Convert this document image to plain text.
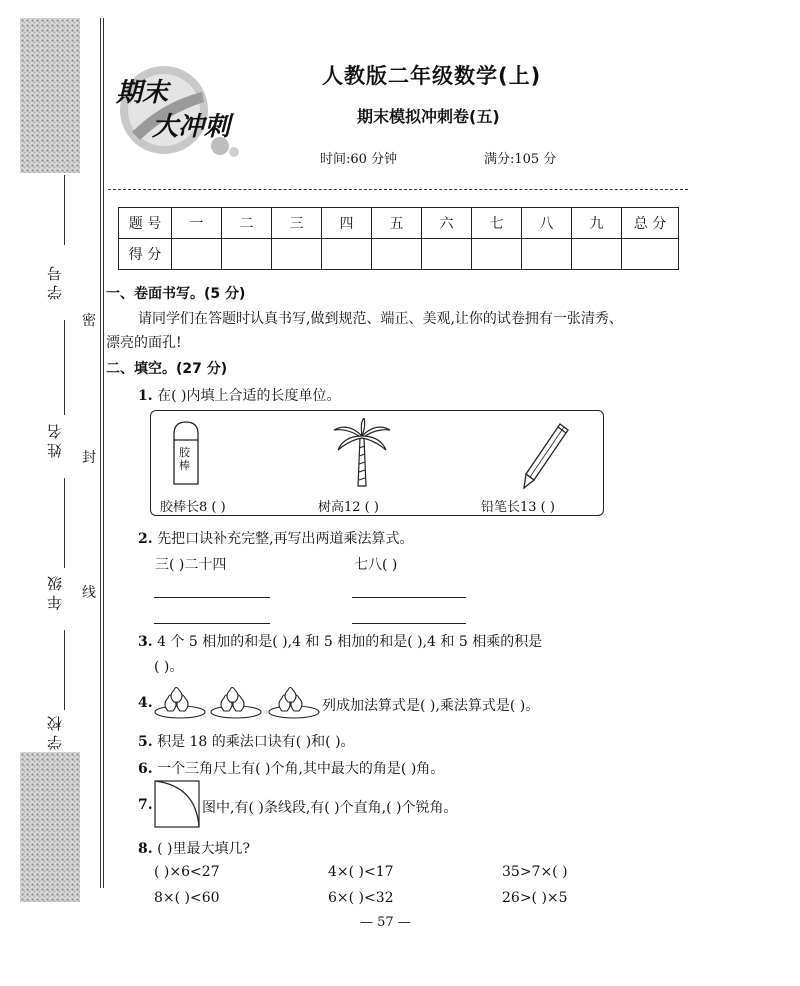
学号
姓名
年级
学校
密
封
线
期末
大冲刺
人教版二年级数学(上)
期末模拟冲刺卷(五)
时间:60 分钟	满分:105 分
题 号	一	二	三	四	五	六	七	八	九	总 分
得 分										
一、卷面书写。(5 分)
请同学们在答题时认真书写,做到规范、端正、美观,让你的试卷拥有一张清秀、
漂亮的面孔!
二、填空。(27 分)
1. 在( )内填上合适的长度单位。
胶棒
胶棒长8 ( )	树高12 ( )	铅笔长13 ( )
2. 先把口诀补充完整,再写出两道乘法算式。
三( )二十四	七八( )
3. 4 个 5 相加的和是( ),4 和 5 相加的和是( ),4 和 5 相乘的积是
( )。
4.	列成加法算式是( ),乘法算式是( )。
5. 积是 18 的乘法口诀有( )和( )。
6. 一个三角尺上有( )个角,其中最大的角是( )角。
7.	图中,有( )条线段,有( )个直角,( )个锐角。
8. ( )里最大填几?
( )×6<27	4×( )<17	35>7×( )
8×( )<60	6×( )<32	26>( )×5
— 57 —
